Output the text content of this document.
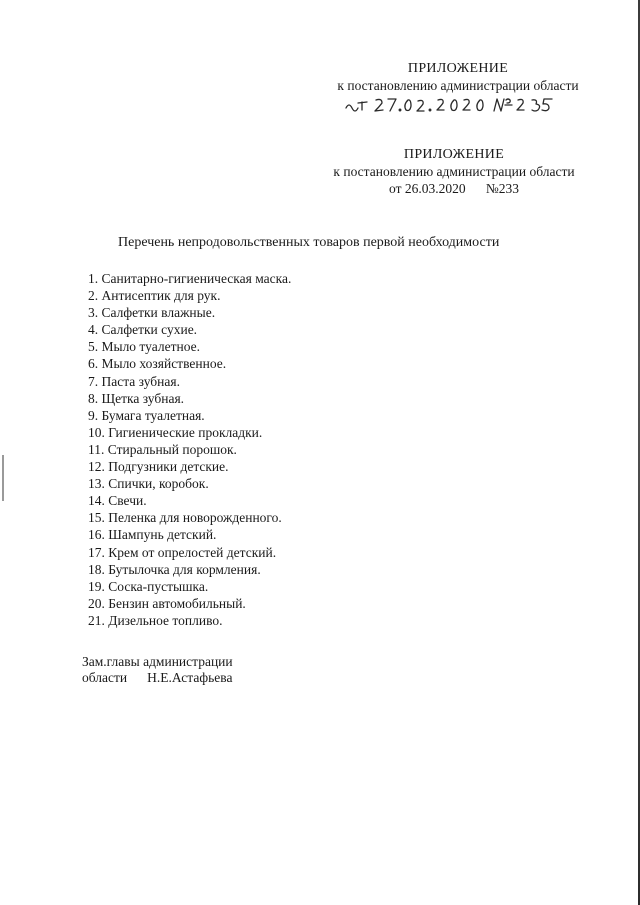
ПРИЛОЖЕНИЕ
к постановлению администрации области
ПРИЛОЖЕНИЕ
к постановлению администрации области
от 26.03.2020      №233
Перечень непродовольственных товаров первой необходимости
1. Санитарно-гигиеническая маска.
2. Антисептик для рук.
3. Салфетки влажные.
4. Салфетки сухие.
5. Мыло туалетное.
6. Мыло хозяйственное.
7. Паста зубная.
8. Щетка зубная.
9. Бумага туалетная.
10. Гигиенические прокладки.
11. Стиральный порошок.
12. Подгузники детские.
13. Спички, коробок.
14. Свечи.
15. Пеленка для новорожденного.
16. Шампунь детский.
17. Крем от опрелостей детский.
18. Бутылочка для кормления.
19. Соска-пустышка.
20. Бензин автомобильный.
21. Дизельное топливо.
Зам.главы администрации
области Н.Е.Астафьева
